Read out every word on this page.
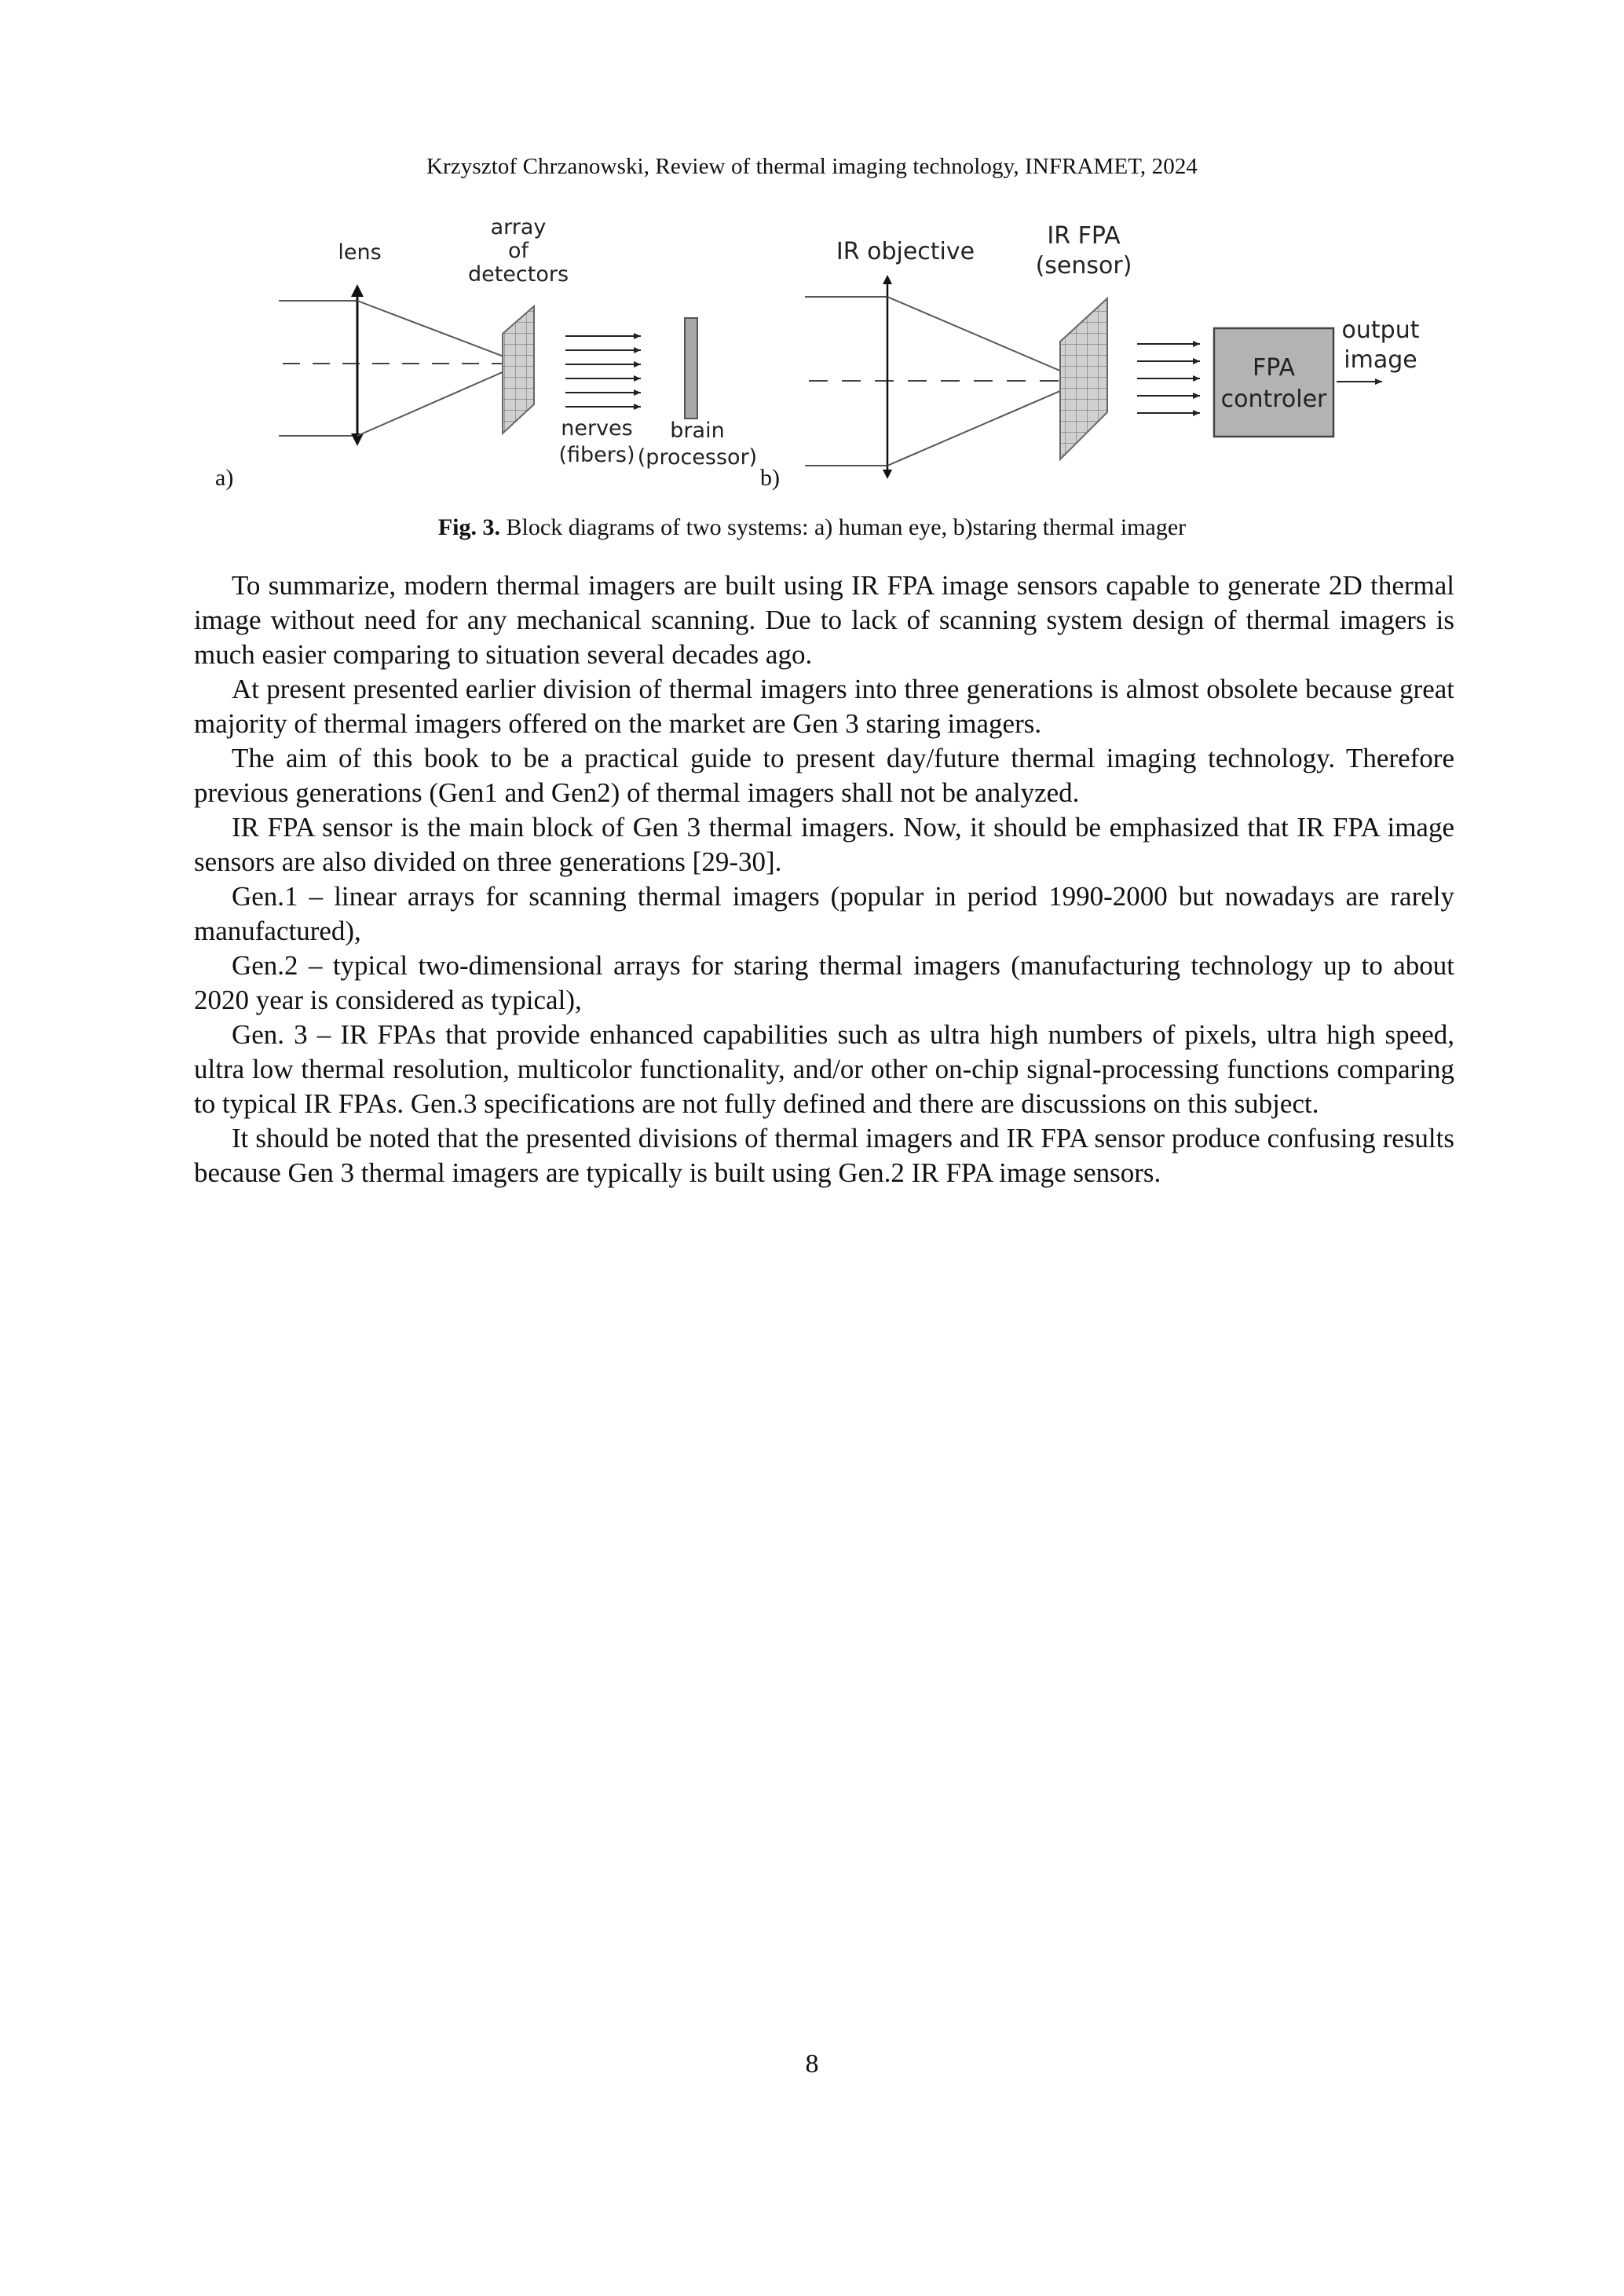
Krzysztof Chrzanowski, Review of thermal imaging technology, INFRAMET, 2024
lens
array
of
detectors
nerves
(fibers)
brain
(processor)
FPA
controler
IR objective
IR FPA
(sensor)
output
image
a)	b)
Fig. 3. Block diagrams of two systems: a) human eye, b)staring thermal imager

To summarize, modern thermal imagers are built using IR FPA image sensors capable to generate 2D thermal image without need for any mechanical scanning. Due to lack of scanning system design of thermal imagers is much easier comparing to situation several decades ago.

At present presented earlier division of thermal imagers into three generations is almost obsolete because great majority of thermal imagers offered on the market are Gen 3 staring imagers.

The aim of this book to be a practical guide to present day/future thermal imaging technology. Therefore previous generations (Gen1 and Gen2) of thermal imagers shall not be analyzed.

IR FPA sensor is the main block of Gen 3 thermal imagers. Now, it should be emphasized that IR FPA image sensors are also divided on three generations [29-30].

Gen.1 – linear arrays for scanning thermal imagers (popular in period 1990-2000 but nowadays are rarely manufactured),

Gen.2 – typical two-dimensional arrays for staring thermal imagers (manufacturing technology up to about 2020 year is considered as typical),

Gen. 3 – IR FPAs that provide enhanced capabilities such as ultra high numbers of pixels, ultra high speed, ultra low thermal resolution, multicolor functionality, and/or other on-chip signal-processing functions comparing to typical IR FPAs. Gen.3 specifications are not fully defined and there are discussions on this subject.

It should be noted that the presented divisions of thermal imagers and IR FPA sensor produce confusing results because Gen 3 thermal imagers are typically is built using Gen.2 IR FPA image sensors.

8
